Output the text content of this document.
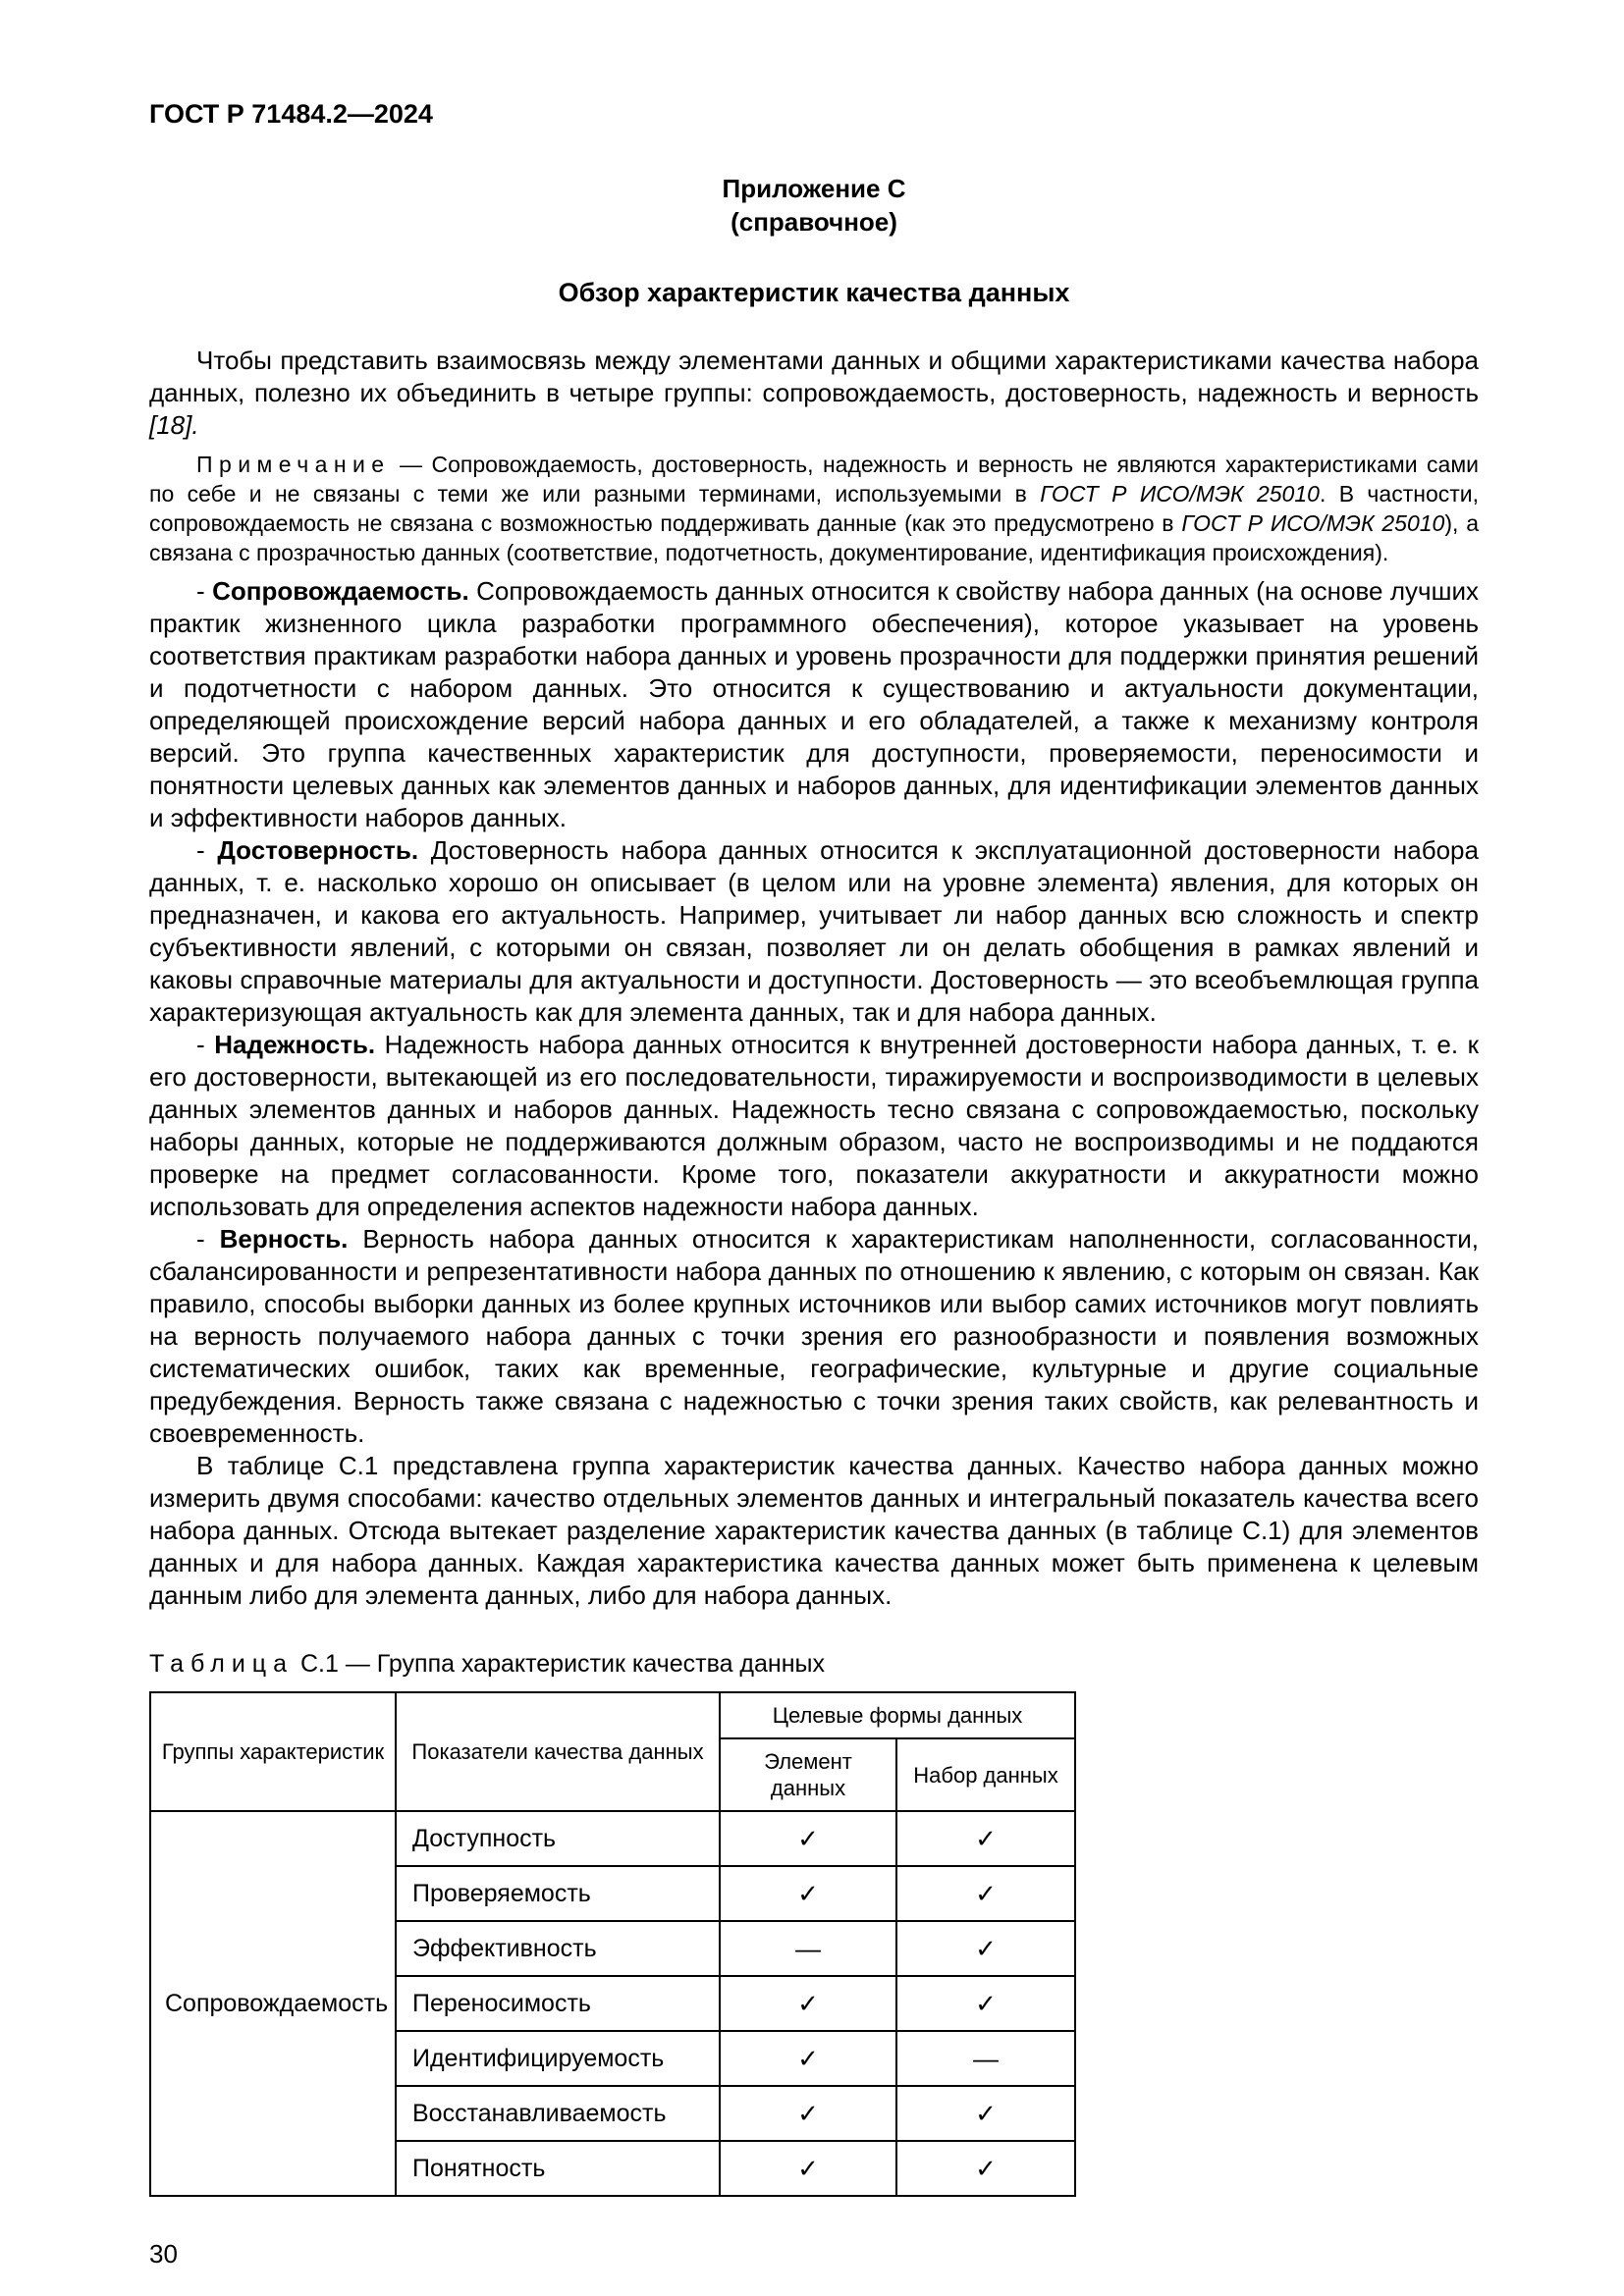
ГОСТ Р 71484.2—2024
Приложение С
(справочное)
Обзор характеристик качества данных

Чтобы представить взаимосвязь между элементами данных и общими характеристиками качества набора данных, полезно их объединить в четыре группы: сопровождаемость, достоверность, надежность и верность [18].

Примечание — Сопровождаемость, достоверность, надежность и верность не являются характеристиками сами по себе и не связаны с теми же или разными терминами, используемыми в ГОСТ Р ИСО/МЭК 25010. В частности, сопровождаемость не связана с возможностью поддерживать данные (как это предусмотрено в ГОСТ Р ИСО/МЭК 25010), а связана с прозрачностью данных (соответствие, подотчетность, документирование, идентификация происхождения).

- Сопровождаемость. Сопровождаемость данных относится к свойству набора данных (на основе лучших практик жизненного цикла разработки программного обеспечения), которое указывает на уровень соответствия практикам разработки набора данных и уровень прозрачности для поддержки принятия решений и подотчетности с набором данных. Это относится к существованию и актуальности документации, определяющей происхождение версий набора данных и его обладателей, а также к механизму контроля версий. Это группа качественных характеристик для доступности, проверяемости, переносимости и понятности целевых данных как элементов данных и наборов данных, для идентификации элементов данных и эффективности наборов данных.

- Достоверность. Достоверность набора данных относится к эксплуатационной достоверности набора данных, т. е. насколько хорошо он описывает (в целом или на уровне элемента) явления, для которых он предназначен, и какова его актуальность. Например, учитывает ли набор данных всю сложность и спектр субъективности явлений, с которыми он связан, позволяет ли он делать обобщения в рамках явлений и каковы справочные материалы для актуальности и доступности. Достоверность — это всеобъемлющая группа характеризующая актуальность как для элемента данных, так и для набора данных.

- Надежность. Надежность набора данных относится к внутренней достоверности набора данных, т. е. к его достоверности, вытекающей из его последовательности, тиражируемости и воспроизводимости в целевых данных элементов данных и наборов данных. Надежность тесно связана с сопровождаемостью, поскольку наборы данных, которые не поддерживаются должным образом, часто не воспроизводимы и не поддаются проверке на предмет согласованности. Кроме того, показатели аккуратности и аккуратности можно использовать для определения аспектов надежности набора данных.

- Верность. Верность набора данных относится к характеристикам наполненности, согласованности, сбалансированности и репрезентативности набора данных по отношению к явлению, с которым он связан. Как правило, способы выборки данных из более крупных источников или выбор самих источников могут повлиять на верность получаемого набора данных с точки зрения его разнообразности и появления возможных систематических ошибок, таких как временные, географические, культурные и другие социальные предубеждения. Верность также связана с надежностью с точки зрения таких свойств, как релевантность и своевременность.

В таблице С.1 представлена группа характеристик качества данных. Качество набора данных можно измерить двумя способами: качество отдельных элементов данных и интегральный показатель качества всего набора данных. Отсюда вытекает разделение характеристик качества данных (в таблице С.1) для элементов данных и для набора данных. Каждая характеристика качества данных может быть применена к целевым данным либо для элемента данных, либо для набора данных.

Таблица С.1 — Группа характеристик качества данных
Группы характеристик	Показатели качества данных	Целевые формы данных	
		Элемент данных	Набор данных
Сопровождаемость	Доступность	✓	✓
	Проверяемость	✓	✓
	Эффективность	—	✓
	Переносимость	✓	✓
	Идентифицируемость	✓	—
	Восстанавливаемость	✓	✓
	Понятность	✓	✓
30
